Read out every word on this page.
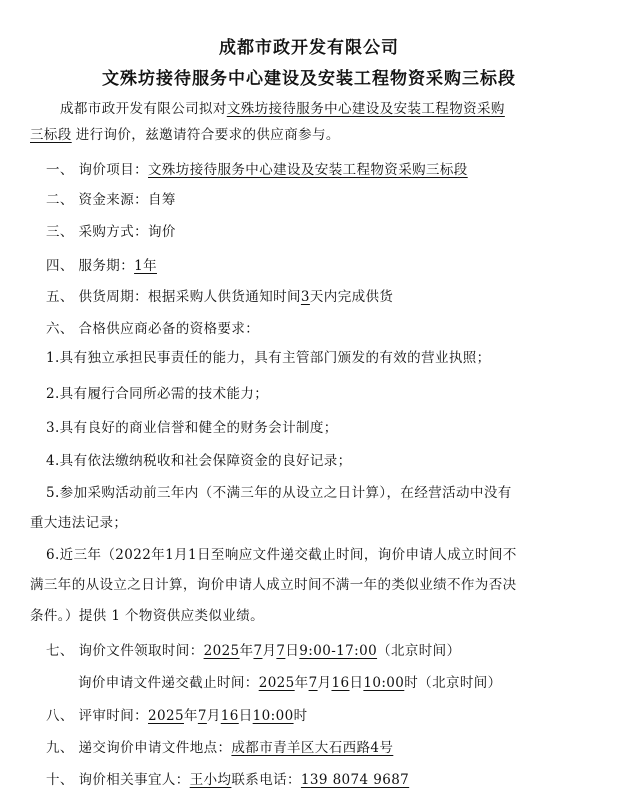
成都市政开发有限公司
文殊坊接待服务中心建设及安装工程物资采购三标段
成都市政开发有限公司拟对文殊坊接待服务中心建设及安装工程物资采购
三标段 进行询价，兹邀请符合要求的供应商参与。
一、 询价项目：文殊坊接待服务中心建设及安装工程物资采购三标段
二、 资金来源：自筹
三、 采购方式：询价
四、 服务期：1年
五、 供货周期：根据采购人供货通知时间3天内完成供货
六、 合格供应商必备的资格要求：
1.具有独立承担民事责任的能力，具有主管部门颁发的有效的营业执照；
2.具有履行合同所必需的技术能力；
3.具有良好的商业信誉和健全的财务会计制度；
4.具有依法缴纳税收和社会保障资金的良好记录；
5.参加采购活动前三年内（不满三年的从设立之日计算），在经营活动中没有
重大违法记录；
6.近三年（2022年1月1日至响应文件递交截止时间，询价申请人成立时间不
满三年的从设立之日计算，询价申请人成立时间不满一年的类似业绩不作为否决
条件。）提供 1 个物资供应类似业绩。
七、 询价文件领取时间：2025年7月7日9:00-17:00（北京时间）
询价申请文件递交截止时间：2025年7月16日10:00时（北京时间）
八、 评审时间：2025年7月16日10:00时
九、 递交询价申请文件地点：成都市青羊区大石西路4号
十、 询价相关事宜人：王小均联系电话：139 8074 9687
